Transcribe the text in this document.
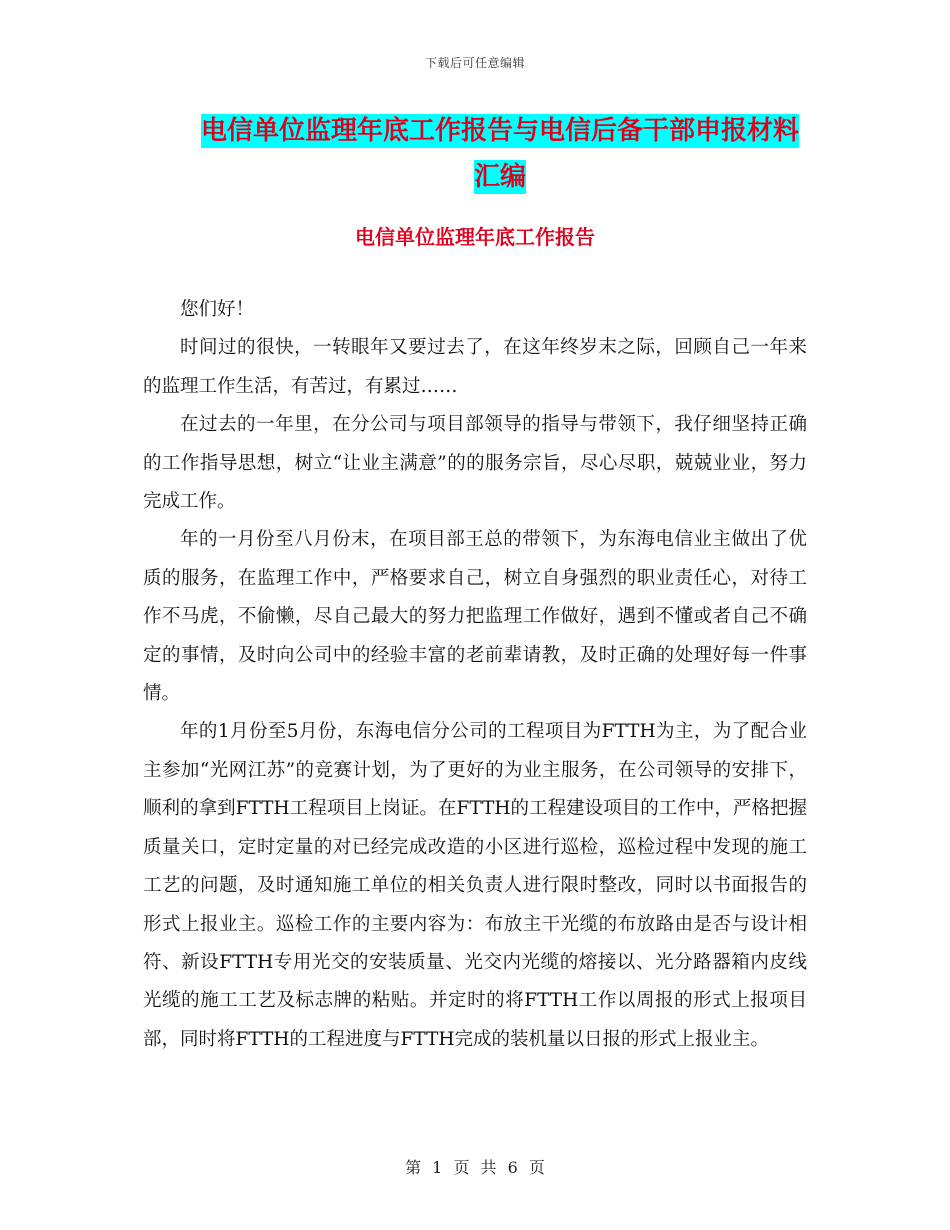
下载后可任意编辑
电信单位监理年底工作报告与电信后备干部申报材料
汇编
电信单位监理年底工作报告

您们好！

时间过的很快，一转眼年又要过去了，在这年终岁末之际，回顾自己一年来的监理工作生活，有苦过，有累过……

在过去的一年里，在分公司与项目部领导的指导与带领下，我仔细坚持正确的工作指导思想，树立“让业主满意”的的服务宗旨，尽心尽职，兢兢业业，努力完成工作。

年的一月份至八月份末，在项目部王总的带领下，为东海电信业主做出了优质的服务，在监理工作中，严格要求自己，树立自身强烈的职业责任心，对待工作不马虎，不偷懒，尽自己最大的努力把监理工作做好，遇到不懂或者自己不确定的事情，及时向公司中的经验丰富的老前辈请教，及时正确的处理好每一件事情。

年的1月份至5月份，东海电信分公司的工程项目为FTTH为主，为了配合业主参加“光网江苏”的竞赛计划，为了更好的为业主服务，在公司领导的安排下，顺利的拿到FTTH工程项目上岗证。在FTTH的工程建设项目的工作中，严格把握质量关口，定时定量的对已经完成改造的小区进行巡检，巡检过程中发现的施工工艺的问题，及时通知施工单位的相关负责人进行限时整改，同时以书面报告的形式上报业主。巡检工作的主要内容为：布放主干光缆的布放路由是否与设计相符、新设FTTH专用光交的安装质量、光交内光缆的熔接以、光分路器箱内皮线光缆的施工工艺及标志牌的粘贴。并定时的将FTTH工作以周报的形式上报项目部，同时将FTTH的工程进度与FTTH完成的装机量以日报的形式上报业主。

第 1 页 共 6 页
